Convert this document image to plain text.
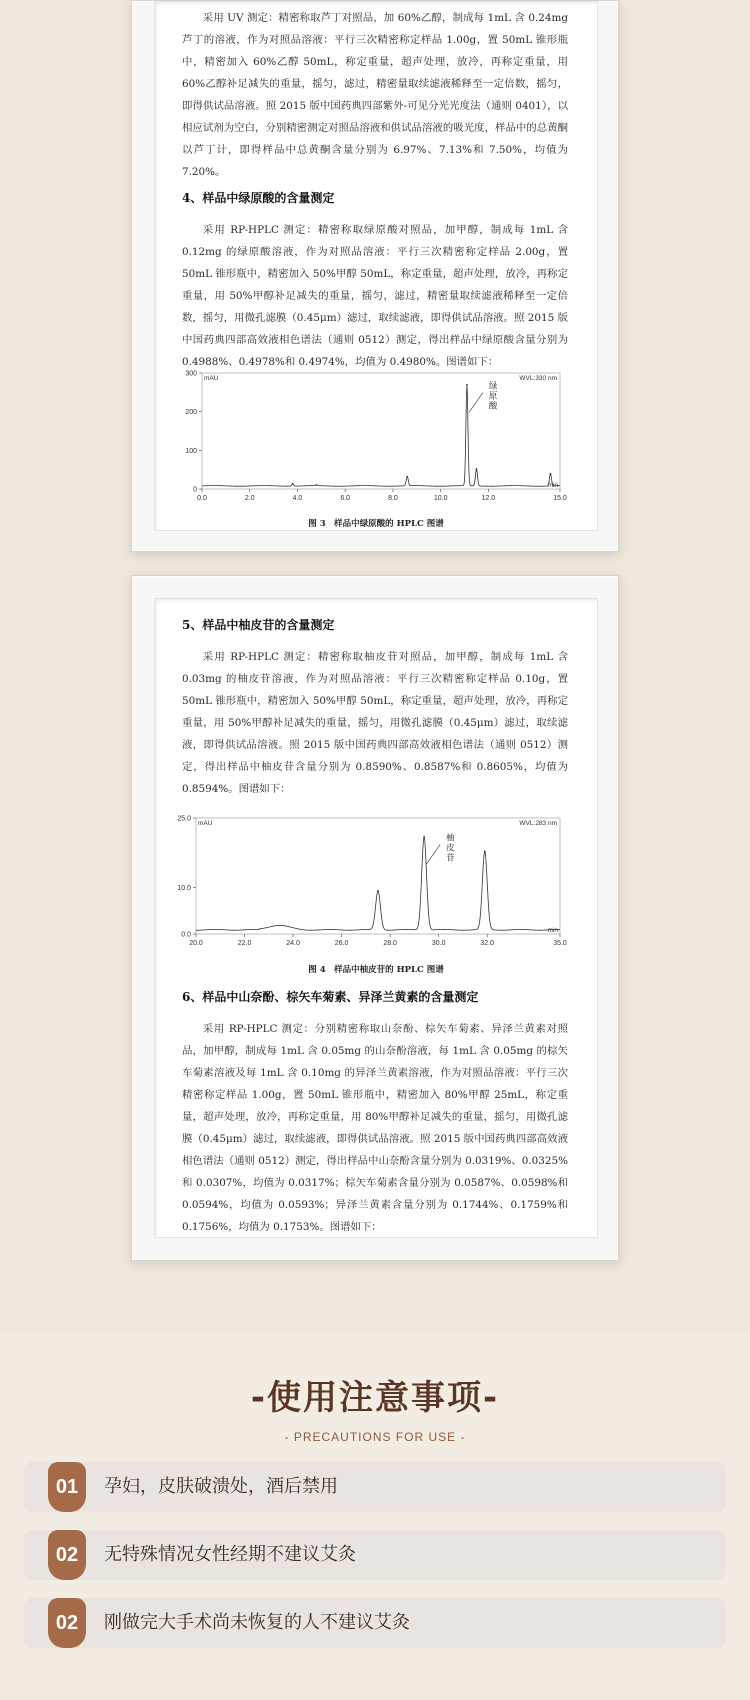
采用 UV 测定：精密称取芦丁对照品，加 60%乙醇，制成每 1mL 含 0.24mg 芦丁的溶液，作为对照品溶液：平行三次精密称定样品 1.00g，置 50mL 锥形瓶中，精密加入 60%乙醇 50mL，称定重量，超声处理，放冷，再称定重量，用 60%乙醇补足减失的重量，摇匀，滤过，精密量取续滤液稀释至一定倍数，摇匀，即得供试品溶液。照 2015 版中国药典四部紫外-可见分光光度法（通则 0401），以相应试剂为空白，分别精密测定对照品溶液和供试品溶液的吸光度，样品中的总黄酮以芦丁计，即得样品中总黄酮含量分别为 6.97%、7.13%和 7.50%，均值为 7.20%。

4、样品中绿原酸的含量测定

采用 RP-HPLC 测定：精密称取绿原酸对照品，加甲醇，制成每 1mL 含 0.12mg 的绿原酸溶液，作为对照品溶液：平行三次精密称定样品 2.00g，置 50mL 锥形瓶中，精密加入 50%甲醇 50mL，称定重量，超声处理，放冷，再称定重量，用 50%甲醇补足减失的重量，摇匀，滤过，精密量取续滤液稀释至一定倍数，摇匀，用微孔滤膜（0.45μm）滤过，取续滤液，即得供试品溶液。照 2015 版中国药典四部高效液相色谱法（通则 0512）测定，得出样品中绿原酸含量分别为 0.4988%、0.4978%和 0.4974%，均值为 0.4980%。图谱如下：

0
100
200
300
0.0	2.0	4.0	6.0	8.0	10.0	12.0	15.0
mAU	WVL:330 nm
min
绿
原
酸
图 3　样品中绿原酸的 HPLC 图谱
5、样品中柚皮苷的含量测定

采用 RP-HPLC 测定：精密称取柚皮苷对照品，加甲醇，制成每 1mL 含 0.03mg 的柚皮苷溶液，作为对照品溶液：平行三次精密称定样品 0.10g，置 50mL 锥形瓶中，精密加入 50%甲醇 50mL，称定重量，超声处理，放冷，再称定重量，用 50%甲醇补足减失的重量，摇匀，用微孔滤膜（0.45μm）滤过，取续滤液，即得供试品溶液。照 2015 版中国药典四部高效液相色谱法（通则 0512）测定，得出样品中柚皮苷含量分别为 0.8590%、0.8587%和 0.8605%，均值为 0.8594%。图谱如下：

0.0
10.0
25.0
20.0	22.0	24.0	26.0	28.0	30.0	32.0	35.0
mAU	WVL:283 nm
min
柚
皮
苷
图 4　样品中柚皮苷的 HPLC 图谱
6、样品中山奈酚、棕矢车菊素、异泽兰黄素的含量测定

采用 RP-HPLC 测定：分别精密称取山奈酚、棕矢车菊素、异泽兰黄素对照品，加甲醇，制成每 1mL 含 0.05mg 的山奈酚溶液，每 1mL 含 0.05mg 的棕矢车菊素溶液及每 1mL 含 0.10mg 的异泽兰黄素溶液，作为对照品溶液：平行三次精密称定样品 1.00g，置 50mL 锥形瓶中，精密加入 80%甲醇 25mL，称定重量，超声处理，放冷，再称定重量，用 80%甲醇补足减失的重量，摇匀，用微孔滤膜（0.45μm）滤过，取续滤液，即得供试品溶液。照 2015 版中国药典四部高效液相色谱法（通则 0512）测定，得出样品中山奈酚含量分别为 0.0319%、0.0325%和 0.0307%，均值为 0.0317%；棕矢车菊素含量分别为 0.0587%、0.0598%和 0.0594%，均值为 0.0593%；异泽兰黄素含量分别为 0.1744%、0.1759%和 0.1756%，均值为 0.1753%。图谱如下：

-使用注意事项-
- PRECAUTIONS FOR USE -
01	孕妇，皮肤破溃处，酒后禁用
02	无特殊情况女性经期不建议艾灸
02	刚做完大手术尚未恢复的人不建议艾灸
